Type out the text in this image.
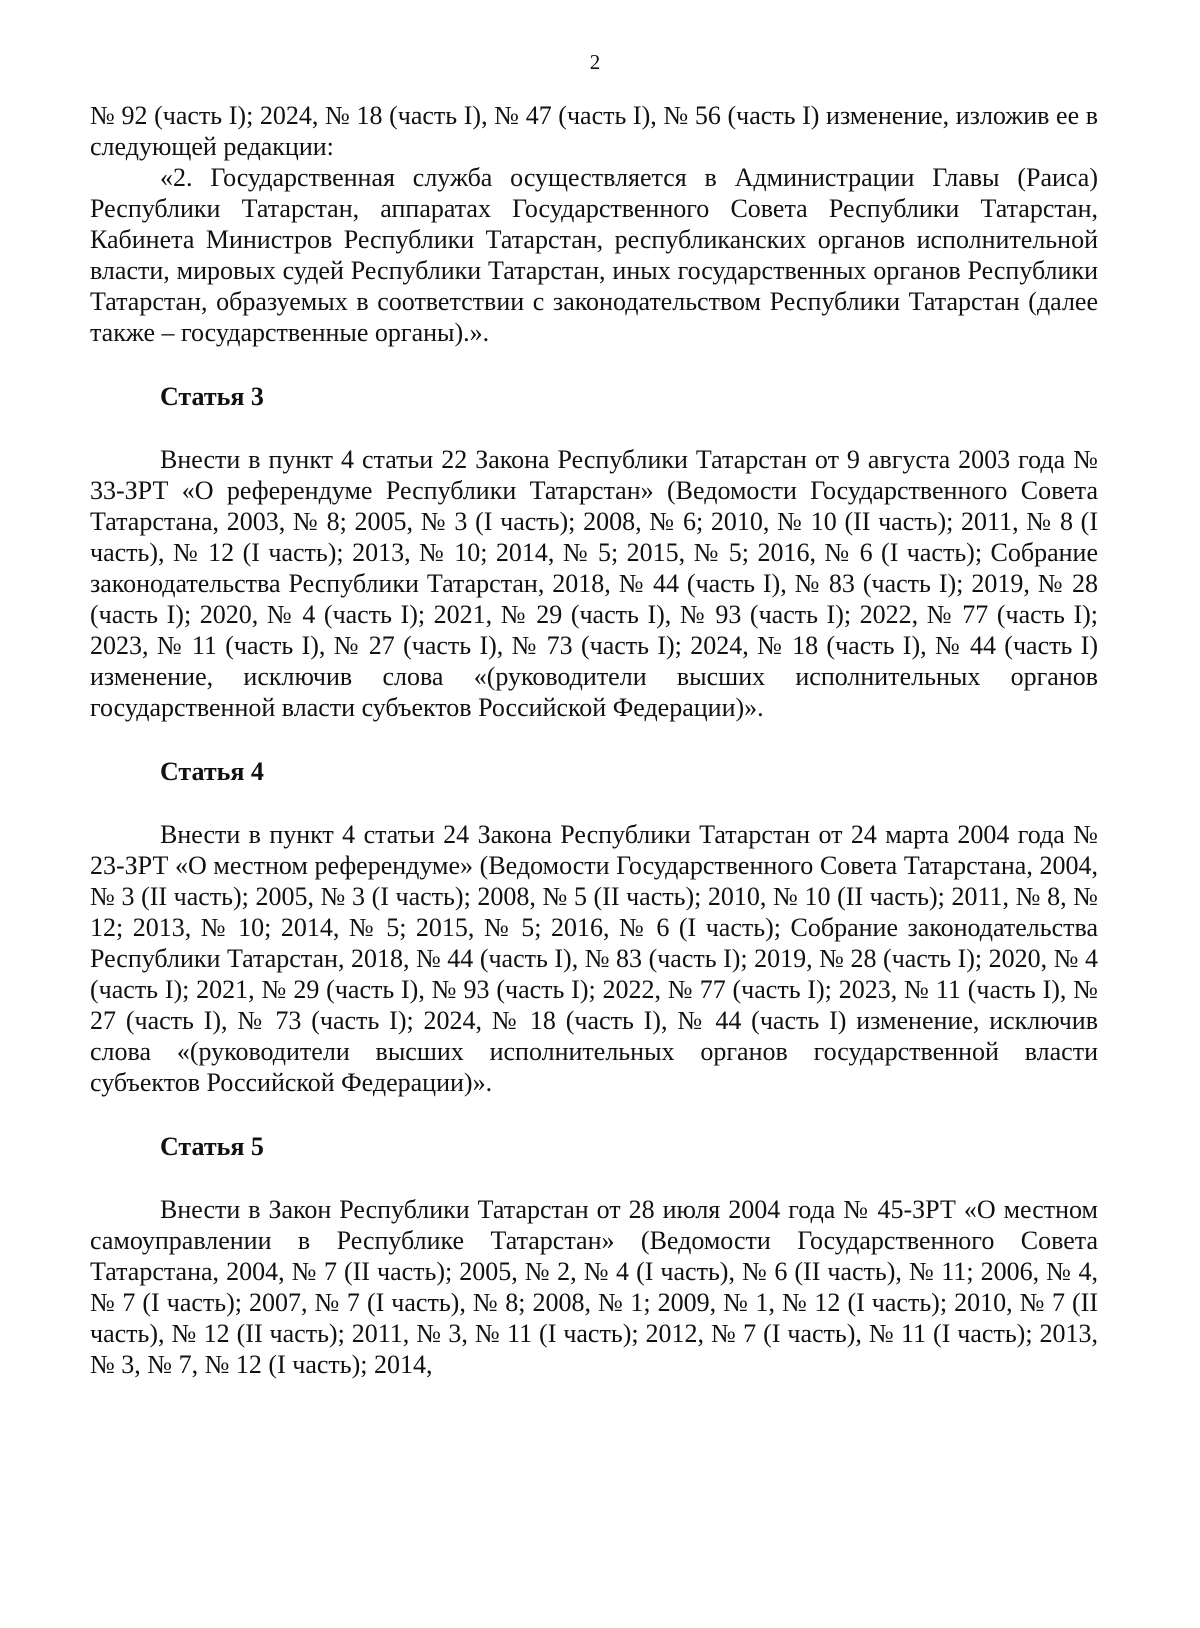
2

№ 92 (часть I); 2024, № 18 (часть I), № 47 (часть I), № 56 (часть I) изменение, изложив ее в следующей редакции:

«2. Государственная служба осуществляется в Администрации Главы (Раиса) Республики Татарстан, аппаратах Государственного Совета Республики Татарстан, Кабинета Министров Республики Татарстан, республиканских органов исполнительной власти, мировых судей Республики Татарстан, иных государственных органов Республики Татарстан, образуемых в соответствии с законодательством Республики Татарстан (далее также – государственные органы).».

Статья 3

Внести в пункт 4 статьи 22 Закона Республики Татарстан от 9 августа 2003 года № 33-ЗРТ «О референдуме Республики Татарстан» (Ведомости Государственного Совета Татарстана, 2003, № 8; 2005, № 3 (I часть); 2008, № 6; 2010, № 10 (II часть); 2011, № 8 (I часть), № 12 (I часть); 2013, № 10; 2014, № 5; 2015, № 5; 2016, № 6 (I часть); Собрание законодательства Республики Татарстан, 2018, № 44 (часть I), № 83 (часть I); 2019, № 28 (часть I); 2020, № 4 (часть I); 2021, № 29 (часть I), № 93 (часть I); 2022, № 77 (часть I); 2023, № 11 (часть I), № 27 (часть I), № 73 (часть I); 2024, № 18 (часть I), № 44 (часть I) изменение, исключив слова «(руководители высших исполнительных органов государственной власти субъектов Российской Федерации)».

Статья 4

Внести в пункт 4 статьи 24 Закона Республики Татарстан от 24 марта 2004 года № 23-ЗРТ «О местном референдуме» (Ведомости Государственного Совета Татарстана, 2004, № 3 (II часть); 2005, № 3 (I часть); 2008, № 5 (II часть); 2010, № 10 (II часть); 2011, № 8, № 12; 2013, № 10; 2014, № 5; 2015, № 5; 2016, № 6 (I часть); Собрание законодательства Республики Татарстан, 2018, № 44 (часть I), № 83 (часть I); 2019, № 28 (часть I); 2020, № 4 (часть I); 2021, № 29 (часть I), № 93 (часть I); 2022, № 77 (часть I); 2023, № 11 (часть I), № 27 (часть I), № 73 (часть I); 2024, № 18 (часть I), № 44 (часть I) изменение, исключив слова «(руководители высших исполнительных органов государственной власти субъектов Российской Федерации)».

Статья 5

Внести в Закон Республики Татарстан от 28 июля 2004 года № 45-ЗРТ «О местном самоуправлении в Республике Татарстан» (Ведомости Государственного Совета Татарстана, 2004, № 7 (II часть); 2005, № 2, № 4 (I часть), № 6 (II часть), № 11; 2006, № 4, № 7 (I часть); 2007, № 7 (I часть), № 8; 2008, № 1; 2009, № 1, № 12 (I часть); 2010, № 7 (II часть), № 12 (II часть); 2011, № 3, № 11 (I часть); 2012, № 7 (I часть), № 11 (I часть); 2013, № 3, № 7, № 12 (I часть); 2014,
